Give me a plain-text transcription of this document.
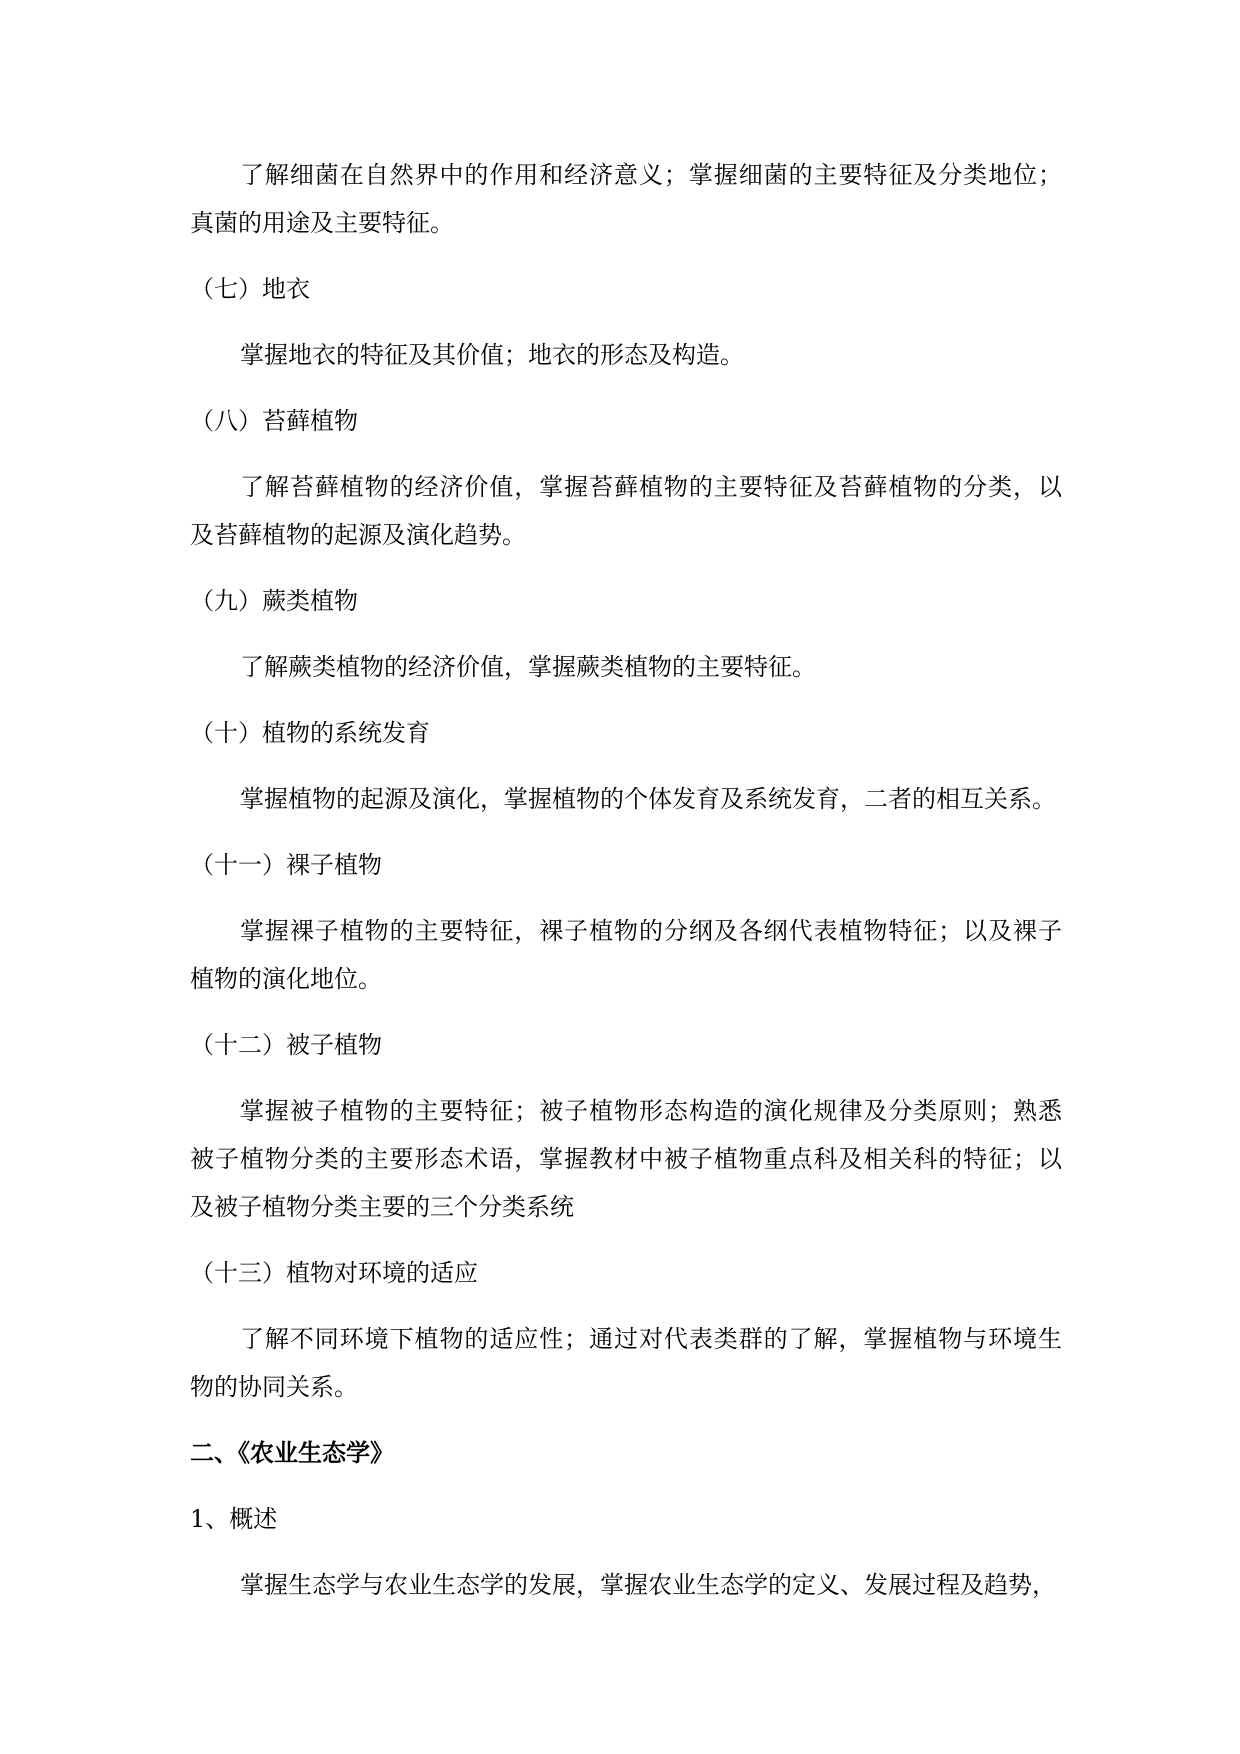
了解细菌在自然界中的作用和经济意义；掌握细菌的主要特征及分类地位；
真菌的用途及主要特征。
（七）地衣
掌握地衣的特征及其价值；地衣的形态及构造。
（八）苔藓植物
了解苔藓植物的经济价值，掌握苔藓植物的主要特征及苔藓植物的分类，以
及苔藓植物的起源及演化趋势。
（九）蕨类植物
了解蕨类植物的经济价值，掌握蕨类植物的主要特征。
（十）植物的系统发育
掌握植物的起源及演化，掌握植物的个体发育及系统发育，二者的相互关系。
（十一）裸子植物
掌握裸子植物的主要特征，裸子植物的分纲及各纲代表植物特征；以及裸子
植物的演化地位。
（十二）被子植物
掌握被子植物的主要特征；被子植物形态构造的演化规律及分类原则；熟悉
被子植物分类的主要形态术语，掌握教材中被子植物重点科及相关科的特征；以
及被子植物分类主要的三个分类系统
（十三）植物对环境的适应
了解不同环境下植物的适应性；通过对代表类群的了解，掌握植物与环境生
物的协同关系。
二、《农业生态学》
1、概述
掌握生态学与农业生态学的发展，掌握农业生态学的定义、发展过程及趋势，
